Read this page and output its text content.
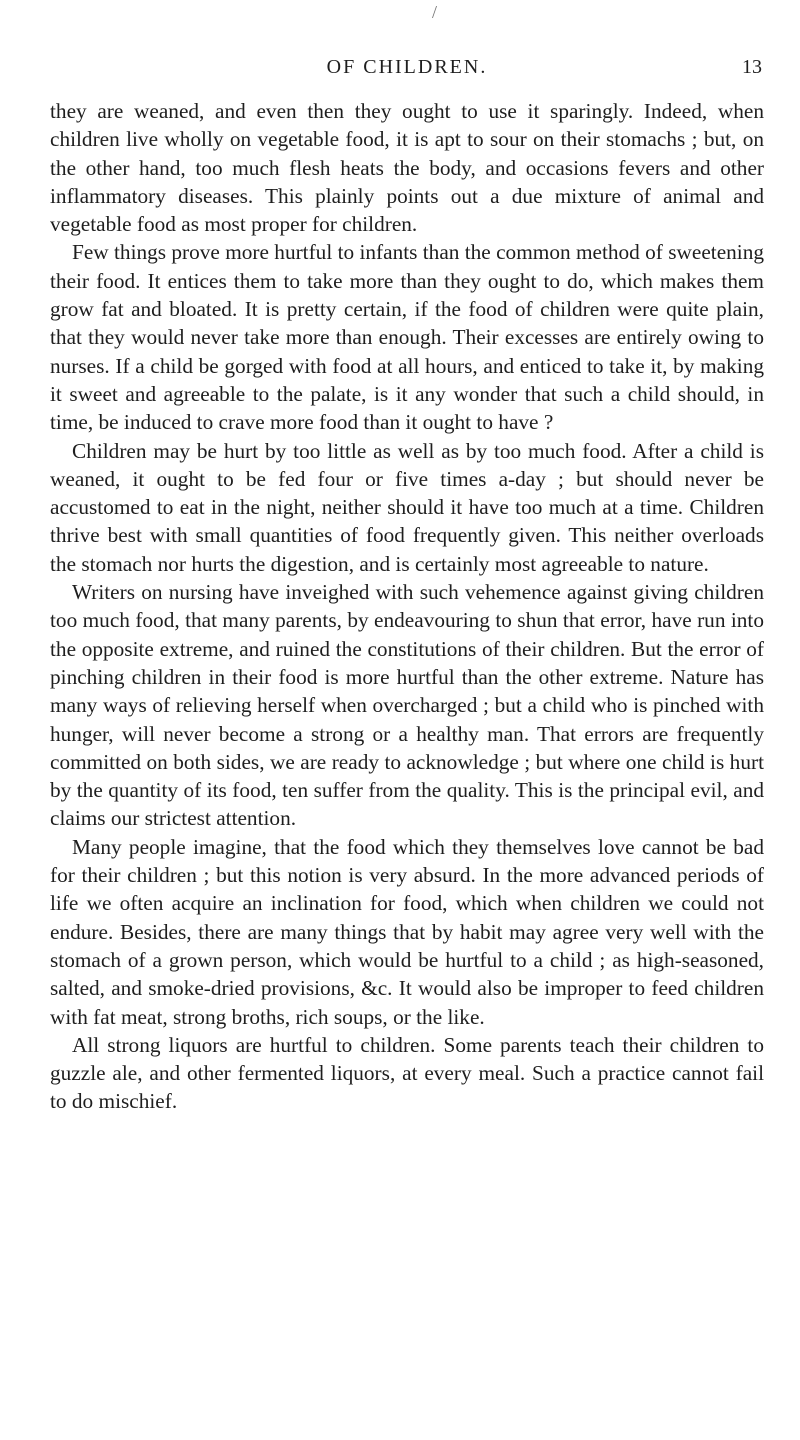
/
OF CHILDREN.	13

they are weaned, and even then they ought to use it sparingly. Indeed, when children live wholly on vegetable food, it is apt to sour on their stomachs ; but, on the other hand, too much flesh heats the body, and occasions fevers and other inflammatory diseases. This plainly points out a due mixture of animal and vegetable food as most proper for children.

Few things prove more hurtful to infants than the common method of sweetening their food. It entices them to take more than they ought to do, which makes them grow fat and bloated. It is pretty certain, if the food of children were quite plain, that they would never take more than enough. Their excesses are entirely owing to nurses. If a child be gorged with food at all hours, and enticed to take it, by making it sweet and agreeable to the palate, is it any wonder that such a child should, in time, be induced to crave more food than it ought to have ?

Children may be hurt by too little as well as by too much food. After a child is weaned, it ought to be fed four or five times a-day ; but should never be accustomed to eat in the night, neither should it have too much at a time. Children thrive best with small quantities of food frequently given. This neither overloads the stomach nor hurts the digestion, and is certainly most agreeable to nature.

Writers on nursing have inveighed with such vehemence against giving children too much food, that many parents, by endeavouring to shun that error, have run into the opposite extreme, and ruined the constitutions of their children. But the error of pinching children in their food is more hurtful than the other extreme. Nature has many ways of relieving herself when overcharged ; but a child who is pinched with hunger, will never become a strong or a healthy man. That errors are frequently committed on both sides, we are ready to acknowledge ; but where one child is hurt by the quantity of its food, ten suffer from the quality. This is the principal evil, and claims our strictest attention.

Many people imagine, that the food which they themselves love cannot be bad for their children ; but this notion is very absurd. In the more advanced periods of life we often acquire an inclination for food, which when children we could not endure. Besides, there are many things that by habit may agree very well with the stomach of a grown person, which would be hurtful to a child ; as high-seasoned, salted, and smoke-dried provisions, &c. It would also be improper to feed children with fat meat, strong broths, rich soups, or the like.

All strong liquors are hurtful to children. Some parents teach their children to guzzle ale, and other fermented liquors, at every meal. Such a practice cannot fail to do mischief.
